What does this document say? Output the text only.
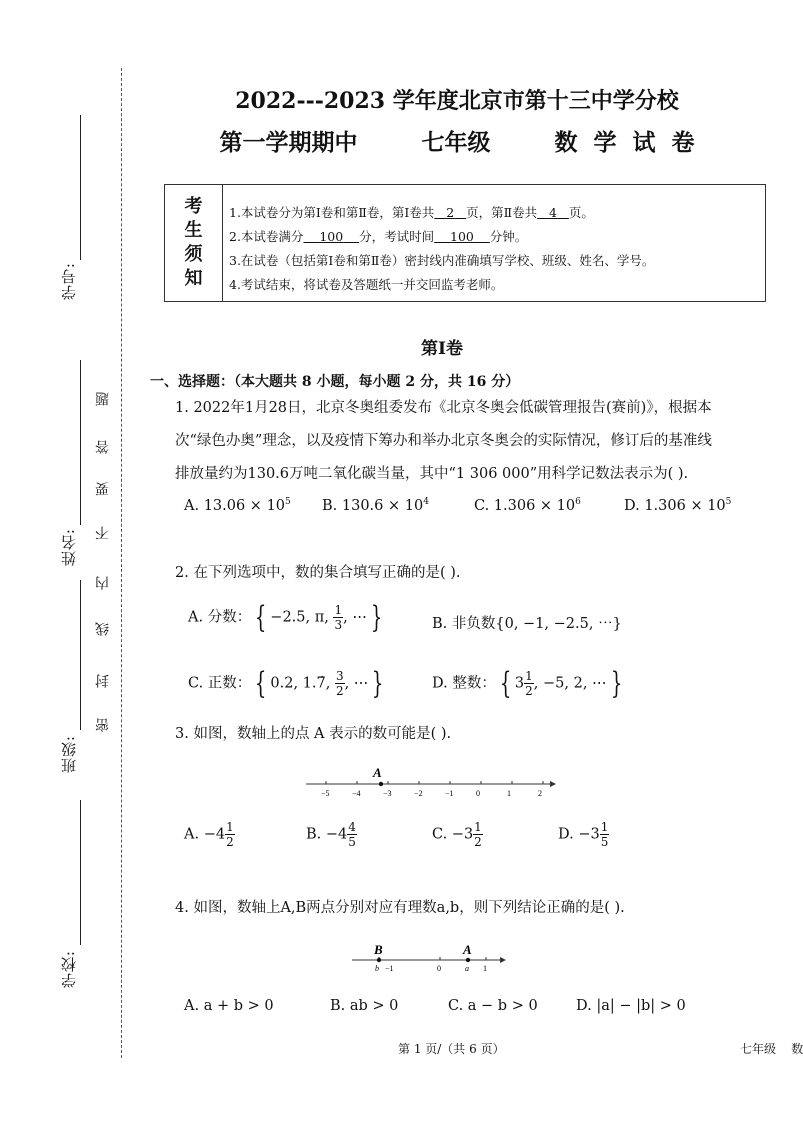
学号:
姓名:
班级:
学校:
题
答
要
不
内
线
封
密
2022---2023 学年度北京市第十三中学分校
第一学期期中    七年级    数 学 试 卷
考
生
须
知
1.本试卷分为第Ⅰ卷和第Ⅱ卷，第Ⅰ卷共 2 页，第Ⅱ卷共 4 页。
2.本试卷满分 100 分，考试时间 100 分钟。
3.在试卷（包括第Ⅰ卷和第Ⅱ卷）密封线内准确填写学校、班级、姓名、学号。
4.考试结束，将试卷及答题纸一并交回监考老师。
第Ⅰ卷
一、选择题：（本大题共 8 小题，每小题 2 分，共 16 分）
1. 2022年1月28日，北京冬奥组委发布《北京冬奥会低碳管理报告(赛前)》，根据本
次“绿色办奥”理念，以及疫情下筹办和举办北京冬奥会的实际情况，修订后的基准线
排放量约为130.6万吨二氧化碳当量，其中“1 306 000”用科学记数法表示为( ).
A. $13.06 \times 10^5$ B. $130.6 \times 10^4$	C. $1.306 \times 10^6$	D. $1.306 \times 10^5$
2. 在下列选项中，数的集合填写正确的是( ).
A. 分数： { −2.5, π, $\frac{1}{3}$ , ⋯ }	B. 非负数{0, −1, −2.5, ⋯}
C. 正数： { 0.2, 1.7̇, $\frac{3}{2}$ , ⋯ }	D. 整数： { $3 \frac{1}{2}$ , −5, 2, ⋯ }
3. 如图，数轴上的点 A 表示的数可能是( ).
−5	−4	−3	−2	−1	0	1	2
A
A. $-4 \frac{1}{2}$	B. $-4 \frac{4}{5}$	C. $-3 \frac{1}{2}$	D. $-3 \frac{1}{5}$
4. 如图，数轴上A,B两点分别对应有理数a,b，则下列结论正确的是( ).
B	A
b −1	0	a 1
A. a + b > 0	B. ab > 0	C. a − b > 0	D. |a| − |b| > 0
第 1 页/（共 6 页）	七年级    数
